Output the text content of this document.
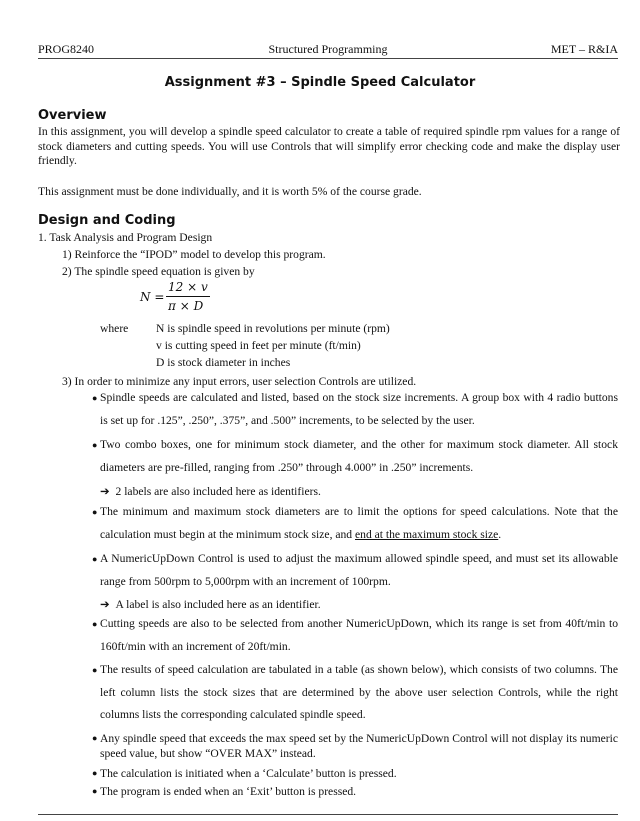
Structured Programming
PROG8240	MET – R&IA
Assignment #3 – Spindle Speed Calculator
Overview
In this assignment, you will develop a spindle speed calculator to create a table of required spindle rpm values for a range of stock diameters and cutting speeds. You will use Controls that will simplify error checking code and make the display user friendly.
This assignment must be done individually, and it is worth 5% of the course grade.
Design and Coding
1. Task Analysis and Program Design
1) Reinforce the “IPOD” model to develop this program.
2) The spindle speed equation is given by
N =
12 × v
π × D
where N is spindle speed in revolutions per minute (rpm)
v is cutting speed in feet per minute (ft/min)
D is stock diameter in inches
3) In order to minimize any input errors, user selection Controls are utilized.
● Spindle speeds are calculated and listed, based on the stock size increments. A group box with 4 radio buttons is set up for .125”, .250”, .375”, and .500” increments, to be selected by the user.
● Two combo boxes, one for minimum stock diameter, and the other for maximum stock diameter. All stock diameters are pre-filled, ranging from .250” through 4.000” in .250” increments.
➔ 2 labels are also included here as identifiers.
● The minimum and maximum stock diameters are to limit the options for speed calculations. Note that the calculation must begin at the minimum stock size, and end at the maximum stock size.
● A NumericUpDown Control is used to adjust the maximum allowed spindle speed, and must set its allowable range from 500rpm to 5,000rpm with an increment of 100rpm.
➔ A label is also included here as an identifier.
● Cutting speeds are also to be selected from another NumericUpDown, which its range is set from 40ft/min to 160ft/min with an increment of 20ft/min.
● The results of speed calculation are tabulated in a table (as shown below), which consists of two columns. The left column lists the stock sizes that are determined by the above user selection Controls, while the right columns lists the corresponding calculated spindle speed.
● Any spindle speed that exceeds the max speed set by the NumericUpDown Control will not display its numeric speed value, but show “OVER MAX” instead.
● The calculation is initiated when a ‘Calculate’ button is pressed.
● The program is ended when an ‘Exit’ button is pressed.
